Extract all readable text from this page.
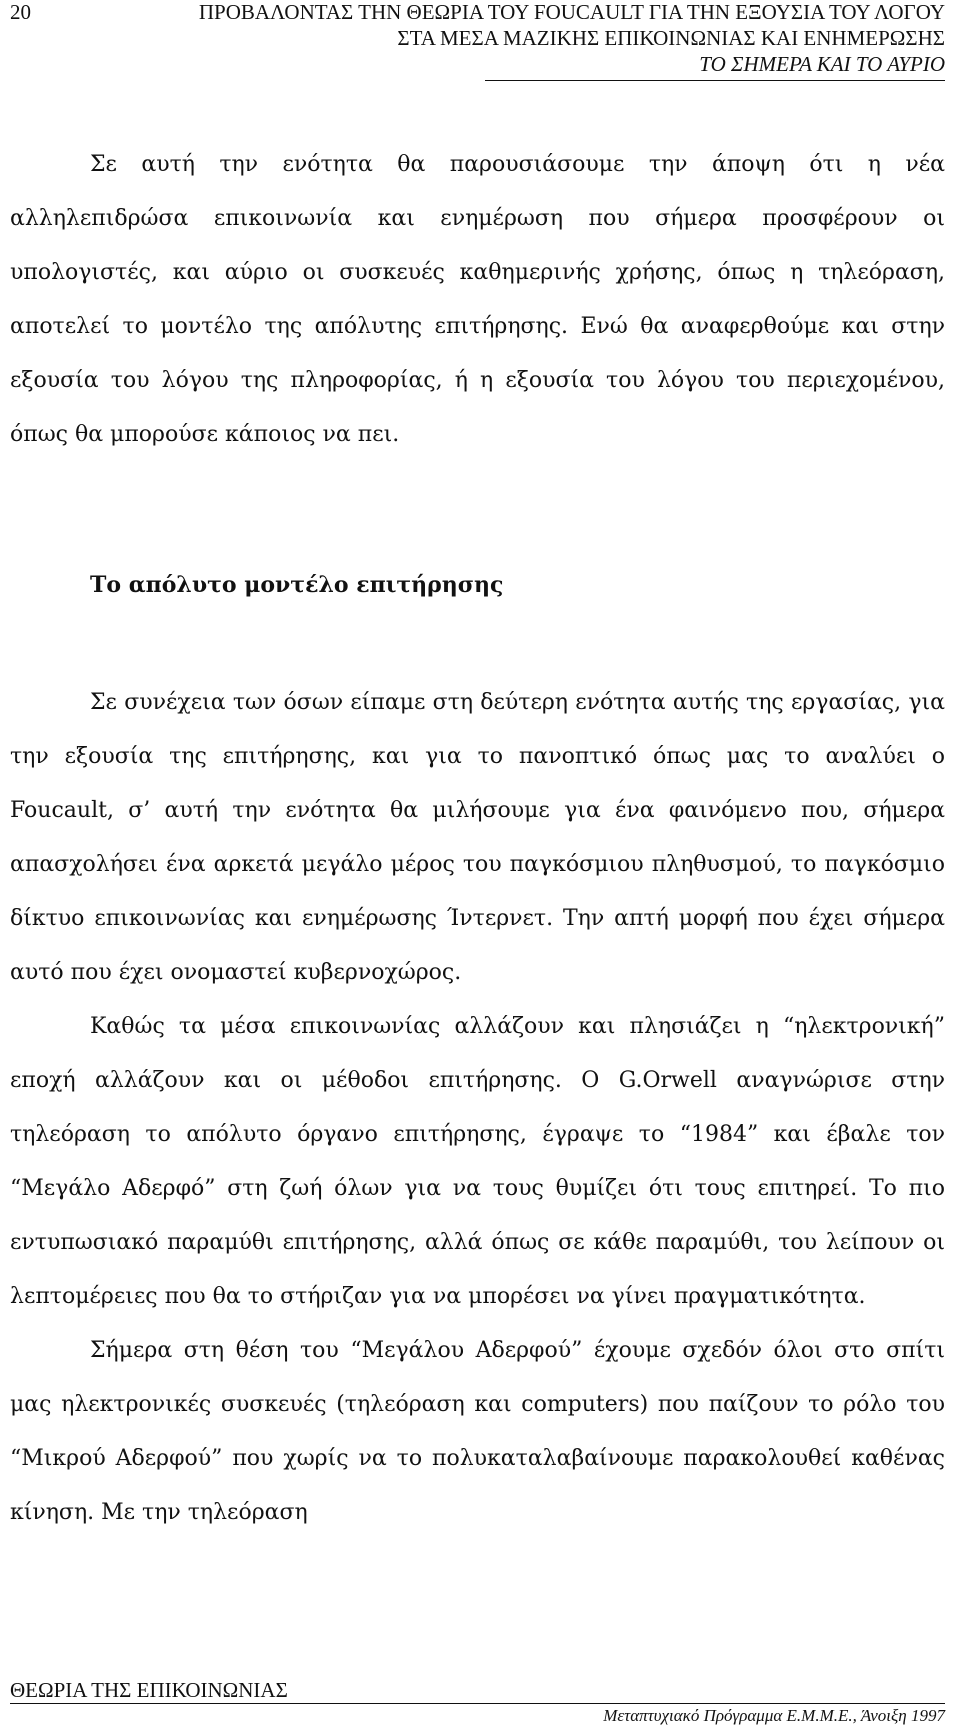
20	ΠΡΟΒΑΛΟΝΤΑΣ ΤΗΝ ΘΕΩΡΙΑ ΤΟΥ FOUCAULT ΓΙΑ ΤΗΝ ΕΞΟΥΣΙΑ ΤΟΥ ΛΟΓΟΥ
ΣΤΑ ΜΕΣΑ ΜΑΖΙΚΗΣ ΕΠΙΚΟΙΝΩΝΙΑΣ ΚΑΙ ΕΝΗΜΕΡΩΣΗΣ
ΤΟ ΣΗΜΕΡΑ ΚΑΙ ΤΟ ΑΥΡΙΟ

Σε αυτή την ενότητα θα παρουσιάσουμε την άποψη ότι η νέα αλληλεπιδρώσα επικοινωνία και ενημέρωση που σήμερα προσφέρουν οι υπολογιστές, και αύριο οι συσκευές καθημερινής χρήσης, όπως η τηλεόραση, αποτελεί το μοντέλο της απόλυτης επιτήρησης. Ενώ θα αναφερθούμε και στην εξουσία του λόγου της πληροφορίας, ή η εξουσία του λόγου του περιεχομένου, όπως θα μπορούσε κάποιος να πει.

Το απόλυτο μοντέλο επιτήρησης

Σε συνέχεια των όσων είπαμε στη δεύτερη ενότητα αυτής της εργασίας, για την εξουσία της επιτήρησης, και για το πανοπτικό όπως μας το αναλύει ο Foucault, σ’ αυτή την ενότητα θα μιλήσουμε για ένα φαινόμενο που, σήμερα απασχολήσει ένα αρκετά μεγάλο μέρος του παγκόσμιου πληθυσμού, το παγκόσμιο δίκτυο επικοινωνίας και ενημέρωσης Ίντερνετ. Την απτή μορφή που έχει σήμερα αυτό που έχει ονομαστεί κυβερνοχώρος.

Καθώς τα μέσα επικοινωνίας αλλάζουν και πλησιάζει η “ηλεκτρονική” εποχή αλλάζουν και οι μέθοδοι επιτήρησης. Ο G.Orwell αναγνώρισε στην τηλεόραση το απόλυτο όργανο επιτήρησης, έγραψε το “1984” και έβαλε τον “Μεγάλο Αδερφό” στη ζωή όλων για να τους θυμίζει ότι τους επιτηρεί. Το πιο εντυπωσιακό παραμύθι επιτήρησης, αλλά όπως σε κάθε παραμύθι, του λείπουν οι λεπτομέρειες που θα το στήριζαν για να μπορέσει να γίνει πραγματικότητα.

Σήμερα στη θέση του “Μεγάλου Αδερφού” έχουμε σχεδόν όλοι στο σπίτι μας ηλεκτρονικές συσκευές (τηλεόραση και computers) που παίζουν το ρόλο του “Μικρού Αδερφού” που χωρίς να το πολυκαταλαβαίνουμε παρακολουθεί καθένας κίνηση. Με την τηλεόραση

ΘΕΩΡΙΑ ΤΗΣ ΕΠΙΚΟΙΝΩΝΙΑΣ
Μεταπτυχιακό Πρόγραμμα Ε.Μ.Μ.Ε., Άνοιξη 1997
